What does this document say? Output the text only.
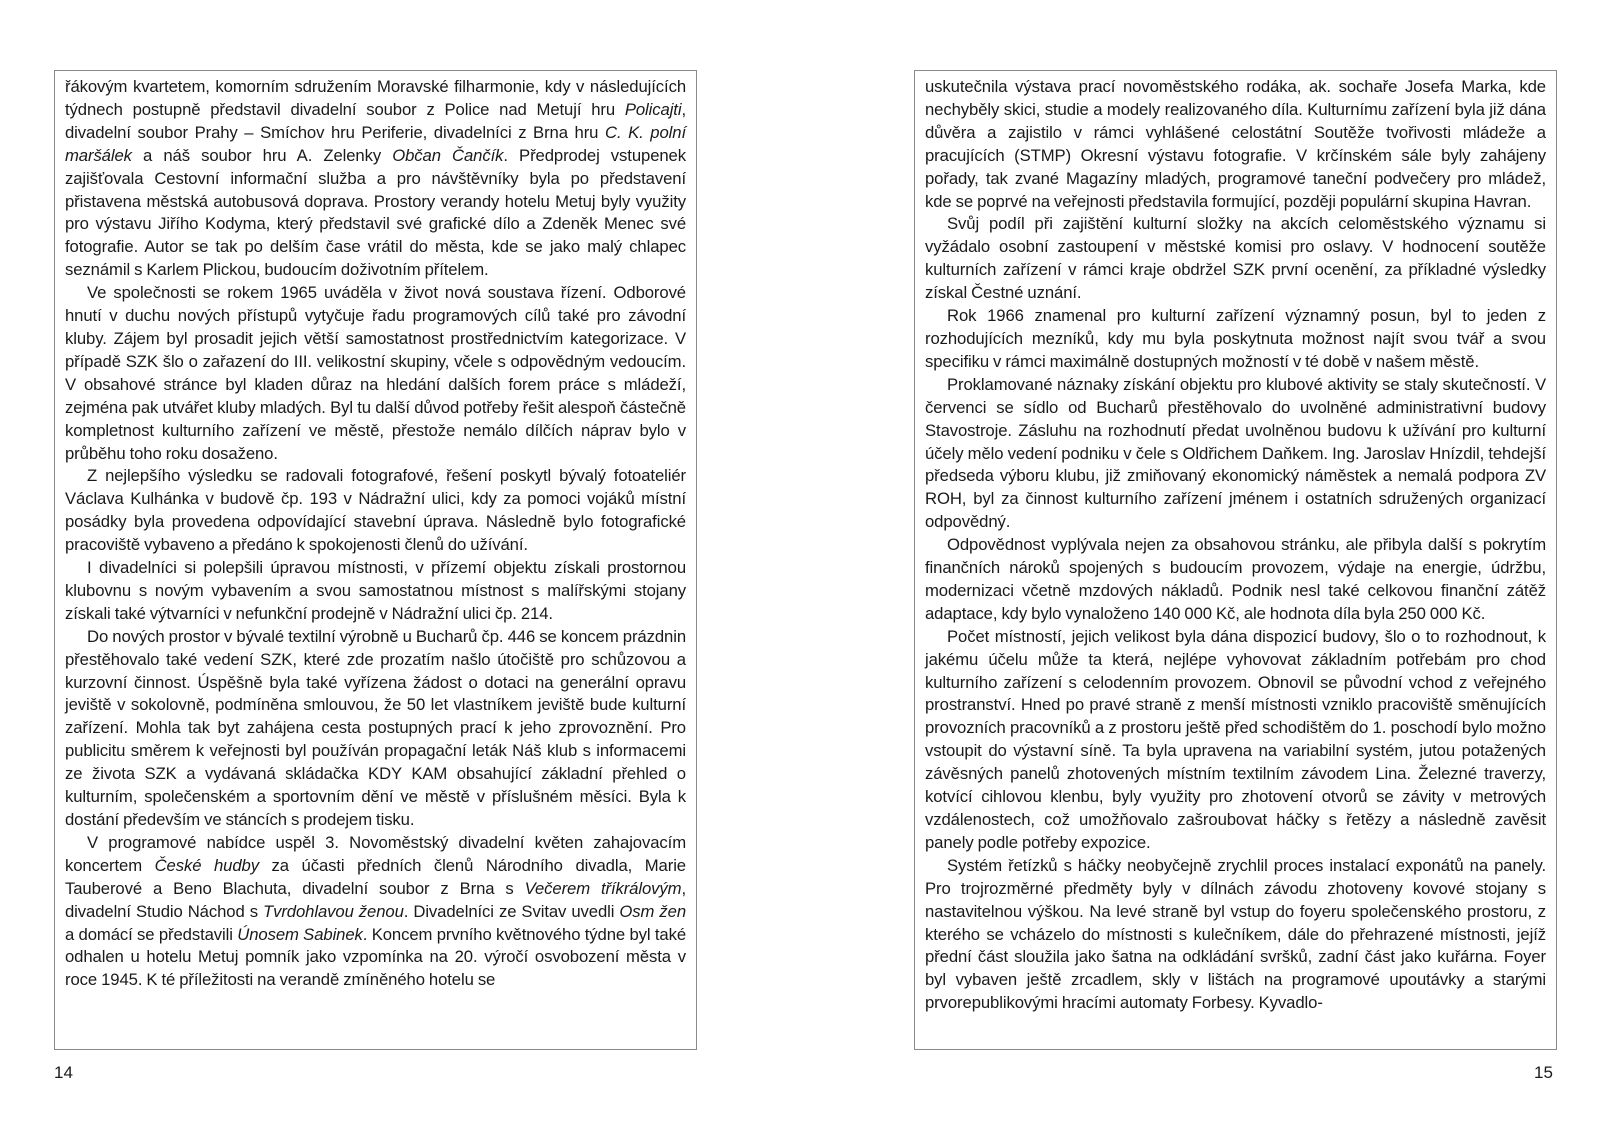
řákovým kvartetem, komorním sdružením Moravské filharmonie, kdy v následujících týdnech postupně představil divadelní soubor z Police nad Metují hru Policajti, divadelní soubor Prahy – Smíchov hru Periferie, divadelníci z Brna hru C. K. polní maršálek a náš soubor hru A. Zelenky Občan Čančík. Předprodej vstupenek zajišťovala Cestovní informační služba a pro návštěvníky byla po představení přistavena městská autobusová doprava. Prostory verandy hotelu Metuj byly využity pro výstavu Jiřího Kodyma, který představil své grafické dílo a Zdeněk Menec své fotografie. Autor se tak po delším čase vrátil do města, kde se jako malý chlapec seznámil s Karlem Plickou, budoucím doživotním přítelem.

Ve společnosti se rokem 1965 uváděla v život nová soustava řízení. Odborové hnutí v duchu nových přístupů vytyčuje řadu programových cílů také pro závodní kluby. Zájem byl prosadit jejich větší samostatnost prostřednictvím kategorizace. V případě SZK šlo o zařazení do III. velikostní skupiny, včele s odpovědným vedoucím. V obsahové stránce byl kladen důraz na hledání dalších forem práce s mládeží, zejména pak utvářet kluby mladých. Byl tu další důvod potřeby řešit alespoň částečně kompletnost kulturního zařízení ve městě, přestože nemálo dílčích náprav bylo v průběhu toho roku dosaženo.

Z nejlepšího výsledku se radovali fotografové, řešení poskytl bývalý fotoateliér Václava Kulhánka v budově čp. 193 v Nádražní ulici, kdy za pomoci vojáků místní posádky byla provedena odpovídající stavební úprava. Následně bylo fotografické pracoviště vybaveno a předáno k spokojenosti členů do užívání.

I divadelníci si polepšili úpravou místnosti, v přízemí objektu získali prostornou klubovnu s novým vybavením a svou samostatnou místnost s malířskými stojany získali také výtvarníci v nefunkční prodejně v Nádražní ulici čp. 214.

Do nových prostor v bývalé textilní výrobně u Bucharů čp. 446 se koncem prázdnin přestěhovalo také vedení SZK, které zde prozatím našlo útočiště pro schůzovou a kurzovní činnost. Úspěšně byla také vyřízena žádost o dotaci na generální opravu jeviště v sokolovně, podmíněna smlouvou, že 50 let vlastníkem jeviště bude kulturní zařízení. Mohla tak byt zahájena cesta postupných prací k jeho zprovoznění. Pro publicitu směrem k veřejnosti byl používán propagační leták Náš klub s informacemi ze života SZK a vydávaná skládačka KDY KAM obsahující základní přehled o kulturním, společenském a sportovním dění ve městě v příslušném měsíci. Byla k dostání především ve stáncích s prodejem tisku.

V programové nabídce uspěl 3. Novoměstský divadelní květen zahajovacím koncertem České hudby za účasti předních členů Národního divadla, Marie Tauberové a Beno Blachuta, divadelní soubor z Brna s Večerem tříkrálovým, divadelní Studio Náchod s Tvrdohlavou ženou. Divadelníci ze Svitav uvedli Osm žen a domácí se představili Únosem Sabinek. Koncem prvního květnového týdne byl také odhalen u hotelu Metuj pomník jako vzpomínka na 20. výročí osvobození města v roce 1945. K té příležitosti na verandě zmíněného hotelu se

14

uskutečnila výstava prací novoměstského rodáka, ak. sochaře Josefa Marka, kde nechyběly skici, studie a modely realizovaného díla. Kulturnímu zařízení byla již dána důvěra a zajistilo v rámci vyhlášené celostátní Soutěže tvořivosti mládeže a pracujících (STMP) Okresní výstavu fotografie. V krčínském sále byly zahájeny pořady, tak zvané Magazíny mladých, programové taneční podvečery pro mládež, kde se poprvé na veřejnosti představila formující, později populární skupina Havran.

Svůj podíl při zajištění kulturní složky na akcích celoměstského významu si vyžádalo osobní zastoupení v městské komisi pro oslavy. V hodnocení soutěže kulturních zařízení v rámci kraje obdržel SZK první ocenění, za příkladné výsledky získal Čestné uznání.

Rok 1966 znamenal pro kulturní zařízení významný posun, byl to jeden z rozhodujících mezníků, kdy mu byla poskytnuta možnost najít svou tvář a svou specifiku v rámci maximálně dostupných možností v té době v našem městě.

Proklamované náznaky získání objektu pro klubové aktivity se staly skutečností. V červenci se sídlo od Bucharů přestěhovalo do uvolněné administrativní budovy Stavostroje. Zásluhu na rozhodnutí předat uvolněnou budovu k užívání pro kulturní účely mělo vedení podniku v čele s Oldřichem Daňkem. Ing. Jaroslav Hnízdil, tehdejší předseda výboru klubu, již zmiňovaný ekonomický náměstek a nemalá podpora ZV ROH, byl za činnost kulturního zařízení jménem i ostatních sdružených organizací odpovědný.

Odpovědnost vyplývala nejen za obsahovou stránku, ale přibyla další s pokrytím finančních nároků spojených s budoucím provozem, výdaje na energie, údržbu, modernizaci včetně mzdových nákladů. Podnik nesl také celkovou finanční zátěž adaptace, kdy bylo vynaloženo 140 000 Kč, ale hodnota díla byla 250 000 Kč.

Počet místností, jejich velikost byla dána dispozicí budovy, šlo o to rozhodnout, k jakému účelu může ta která, nejlépe vyhovovat základním potřebám pro chod kulturního zařízení s celodenním provozem. Obnovil se původní vchod z veřejného prostranství. Hned po pravé straně z menší místnosti vzniklo pracoviště směnujících provozních pracovníků a z prostoru ještě před schodištěm do 1. poschodí bylo možno vstoupit do výstavní síně. Ta byla upravena na variabilní systém, jutou potažených závěsných panelů zhotovených místním textilním závodem Lina. Železné traverzy, kotvící cihlovou klenbu, byly využity pro zhotovení otvorů se závity v metrových vzdálenostech, což umožňovalo zašroubovat háčky s řetězy a následně zavěsit panely podle potřeby expozice.

Systém řetízků s háčky neobyčejně zrychlil proces instalací exponátů na panely. Pro trojrozměrné předměty byly v dílnách závodu zhotoveny kovové stojany s nastavitelnou výškou. Na levé straně byl vstup do foyeru společenského prostoru, z kterého se vcházelo do místnosti s kulečníkem, dále do přehrazené místnosti, jejíž přední část sloužila jako šatna na odkládání svršků, zadní část jako kuřárna. Foyer byl vybaven ještě zrcadlem, skly v lištách na programové upoutávky a starými prvorepublikovými hracími automaty Forbesy. Kyvadlo-

15
